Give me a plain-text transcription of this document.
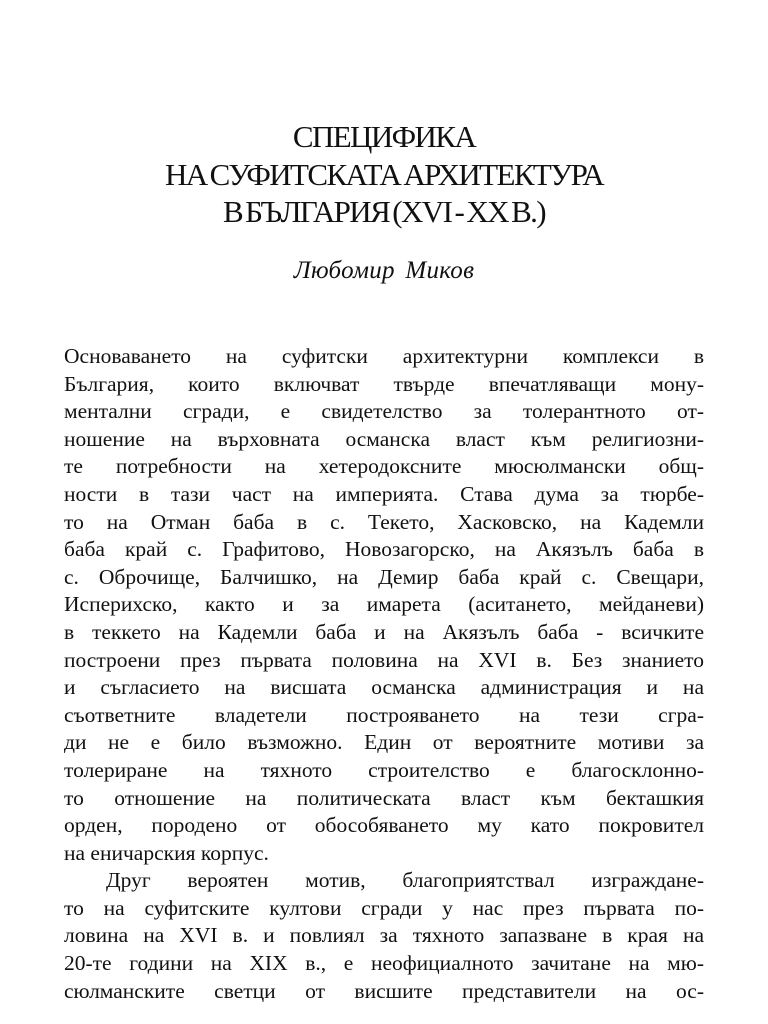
СПЕЦИФИКА
НА СУФИТСКАТА АРХИТЕКТУРА
В БЪЛГАРИЯ (XVI - XX В.)
Любомир Миков
Основаването на суфитски архитектурни комплекси в
България, които включват твърде впечатляващи мону-
ментални сгради, е свидетелство за толерантното от-
ношение на върховната османска власт към религиозни-
те потребности на хетеродоксните мюсюлмански общ-
ности в тази част на империята. Става дума за тюрбе-
то на Отман баба в с. Текето, Хасковско, на Кадемли
баба край с. Графитово, Новозагорско, на Акязълъ баба в
с. Оброчище, Балчишко, на Демир баба край с. Свещари,
Исперихско, както и за имарета (аситането, мейданеви)
в теккето на Кадемли баба и на Акязълъ баба - всичките
построени през първата половина на XVI в. Без знанието
и съгласието на висшата османска администрация и на
съответните владетели построяването на тези сгра-
ди не е било възможно. Един от вероятните мотиви за
толериране на тяхното строителство е благосклонно-
то отношение на политическата власт към бекташкия
орден, породено от обособяването му като покровител
на еничарския корпус.
Друг вероятен мотив, благоприятствал изгражданe-
то на суфитските култови сгради у нас през първата по-
ловина на XVI в. и повлиял за тяхното запазване в края на
20-те години на XIX в., е неофициалното зачитане на мю-
сюлманските светци от висшите представители на ос-
